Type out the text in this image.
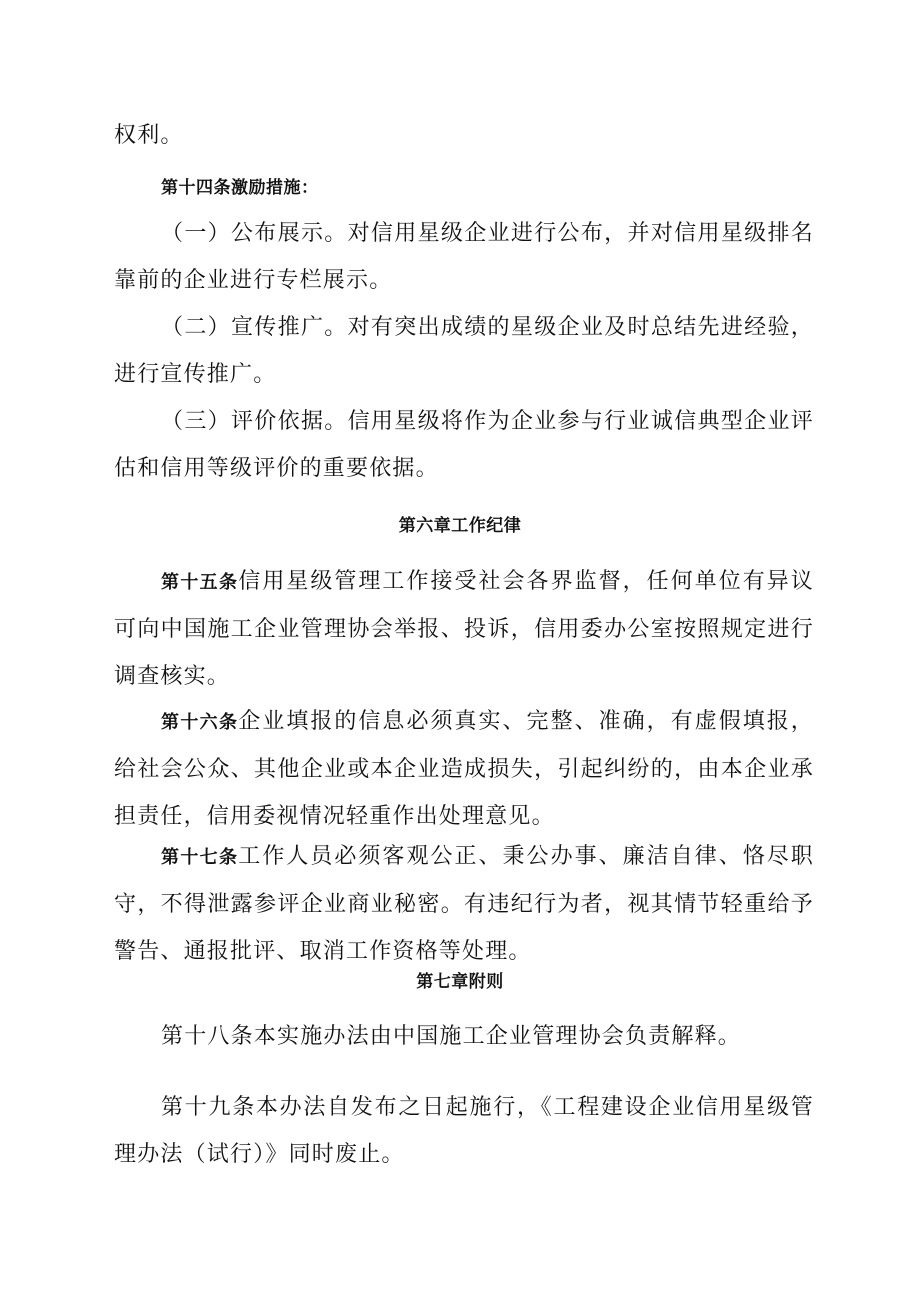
权利。

第十四条激励措施：

（一）公布展示。对信用星级企业进行公布，并对信用星级排名靠前的企业进行专栏展示。

（二）宣传推广。对有突出成绩的星级企业及时总结先进经验，进行宣传推广。

（三）评价依据。信用星级将作为企业参与行业诚信典型企业评估和信用等级评价的重要依据。

第六章工作纪律

第十五条信用星级管理工作接受社会各界监督，任何单位有异议可向中国施工企业管理协会举报、投诉，信用委办公室按照规定进行调查核实。

第十六条企业填报的信息必须真实、完整、准确，有虚假填报，给社会公众、其他企业或本企业造成损失，引起纠纷的，由本企业承担责任，信用委视情况轻重作出处理意见。

第十七条工作人员必须客观公正、秉公办事、廉洁自律、恪尽职守，不得泄露参评企业商业秘密。有违纪行为者，视其情节轻重给予警告、通报批评、取消工作资格等处理。

第七章附则

第十八条本实施办法由中国施工企业管理协会负责解释。

第十九条本办法自发布之日起施行，《工程建设企业信用星级管理办法（试行）》同时废止。
